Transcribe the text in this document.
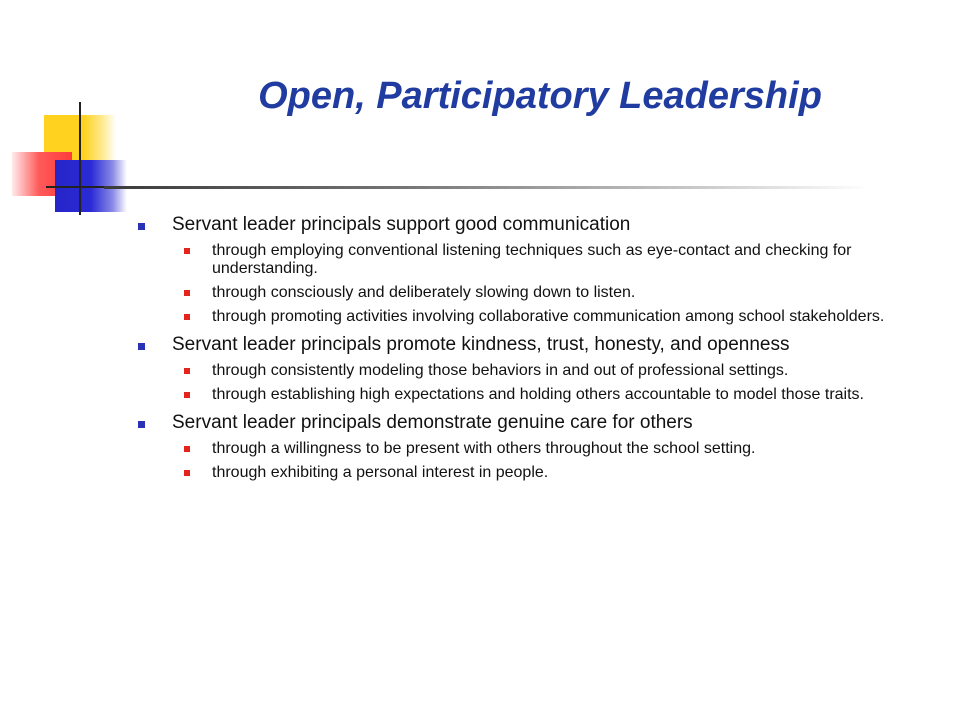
Open, Participatory Leadership
Servant leader principals support good communication
through employing conventional listening techniques such as eye-contact and checking for understanding.
through consciously and deliberately slowing down to listen.
through promoting activities involving collaborative communication among school stakeholders.
Servant leader principals promote kindness, trust, honesty, and openness
through consistently modeling those behaviors in and out of professional settings.
through establishing high expectations and holding others accountable to model those traits.
Servant leader principals demonstrate genuine care for others
through a willingness to be present with others throughout the school setting.
through exhibiting a personal interest in people.
